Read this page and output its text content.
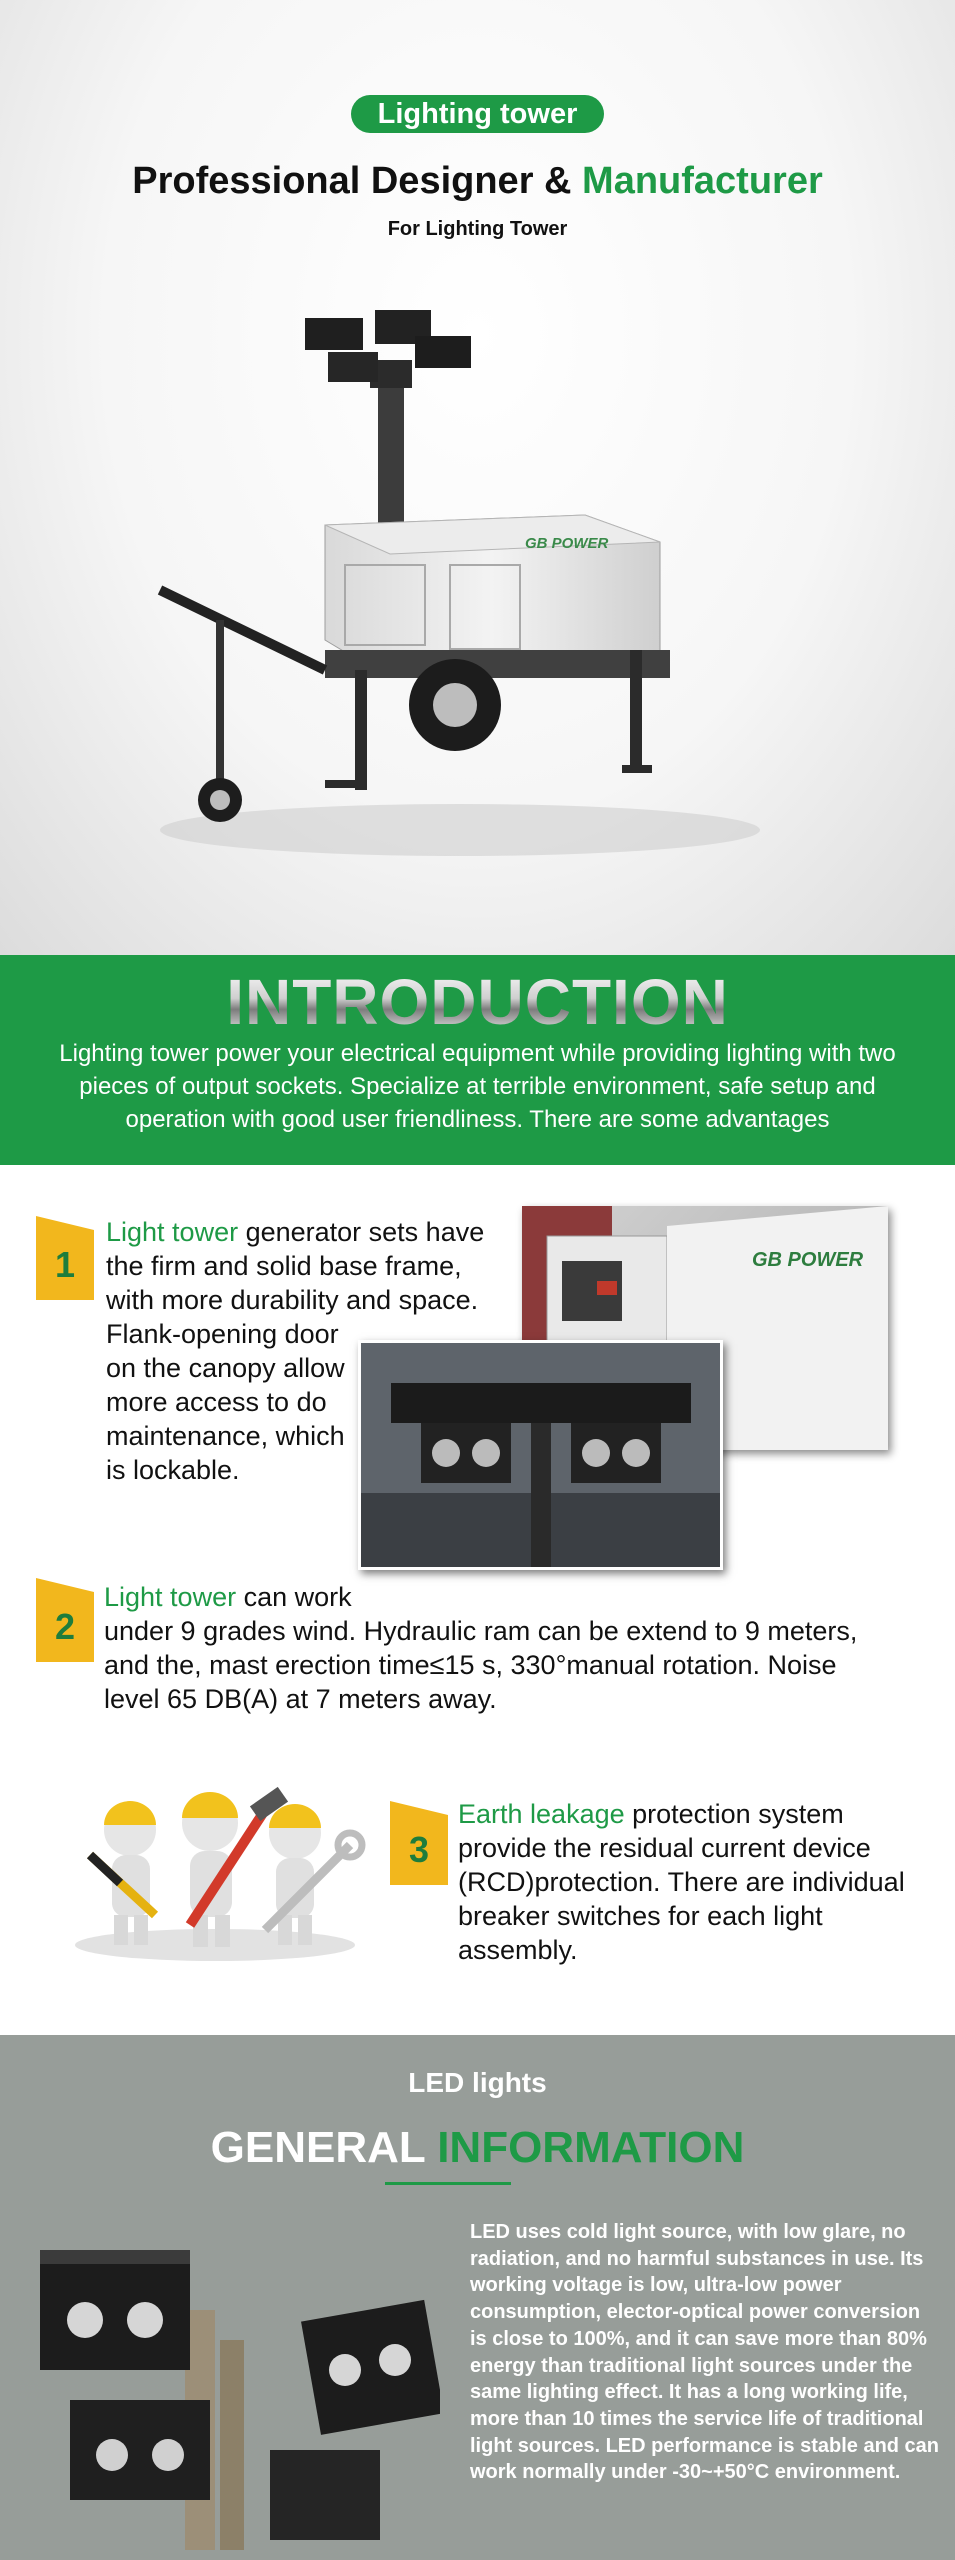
Lighting tower
Professional Designer & Manufacturer
For Lighting Tower
GB POWER
INTRODUCTION

Lighting tower power your electrical equipment while providing lighting with two pieces of output sockets. Specialize at terrible environment, safe setup and operation with good user friendliness. There are some advantages

1
Light tower generator sets have
the firm and solid base frame,
with more durability and space.
Flank-opening door
on the canopy allow
more access to do
maintenance, which
is lockable.
GB POWER
2
Light tower can work
under 9 grades wind. Hydraulic ram can be extend to 9 meters,
and the, mast erection time≤15 s, 330°manual rotation. Noise
level 65 DB(A) at 7 meters away.
3
Earth leakage protection system
provide the residual current device
(RCD)protection. There are individual
breaker switches for each light
assembly.
LED lights
GENERAL INFORMATION

LED uses cold light source, with low glare, no radiation, and no harmful substances in use. Its working voltage is low, ultra-low power consumption, elector-optical power conversion is close to 100%, and it can save more than 80% energy than traditional light sources under the same lighting effect. It has a long working life, more than 10 times the service life of traditional light sources. LED performance is stable and can work normally under -30~+50°C environment.
